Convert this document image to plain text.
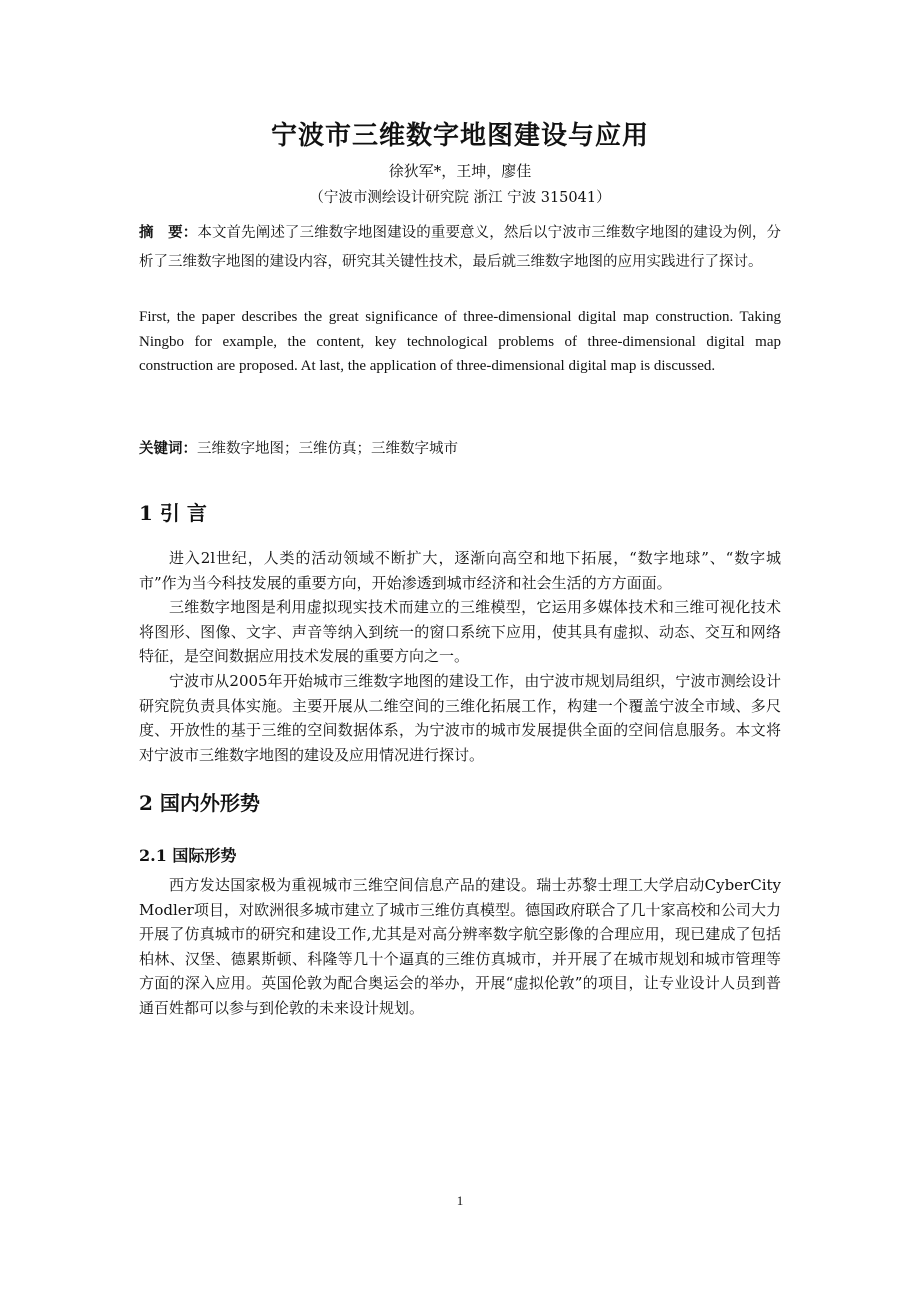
宁波市三维数字地图建设与应用
徐狄军*，王坤，廖佳
（宁波市测绘设计研究院 浙江 宁波 315041）

摘　要：本文首先阐述了三维数字地图建设的重要意义，然后以宁波市三维数字地图的建设为例，分析了三维数字地图的建设内容，研究其关键性技术，最后就三维数字地图的应用实践进行了探讨。

First, the paper describes the great significance of three-dimensional digital map construction. Taking Ningbo for example, the content, key technological problems of three-dimensional digital map construction are proposed. At last, the application of three-dimensional digital map is discussed.

关键词：三维数字地图；三维仿真；三维数字城市

1 引 言

进入2l世纪，人类的活动领域不断扩大，逐渐向高空和地下拓展，“数字地球”、“数字城市”作为当今科技发展的重要方向，开始渗透到城市经济和社会生活的方方面面。

三维数字地图是利用虚拟现实技术而建立的三维模型，它运用多媒体技术和三维可视化技术将图形、图像、文字、声音等纳入到统一的窗口系统下应用，使其具有虚拟、动态、交互和网络特征，是空间数据应用技术发展的重要方向之一。

宁波市从2005年开始城市三维数字地图的建设工作，由宁波市规划局组织，宁波市测绘设计研究院负责具体实施。主要开展从二维空间的三维化拓展工作，构建一个覆盖宁波全市域、多尺度、开放性的基于三维的空间数据体系，为宁波市的城市发展提供全面的空间信息服务。本文将对宁波市三维数字地图的建设及应用情况进行探讨。

2 国内外形势
2.1 国际形势

西方发达国家极为重视城市三维空间信息产品的建设。瑞士苏黎士理工大学启动CyberCity Modler项目，对欧洲很多城市建立了城市三维仿真模型。德国政府联合了几十家高校和公司大力开展了仿真城市的研究和建设工作,尤其是对高分辨率数字航空影像的合理应用，现已建成了包括柏林、汉堡、德累斯顿、科隆等几十个逼真的三维仿真城市，并开展了在城市规划和城市管理等方面的深入应用。英国伦敦为配合奥运会的举办，开展“虚拟伦敦”的项目，让专业设计人员到普通百姓都可以参与到伦敦的未来设计规划。

1
